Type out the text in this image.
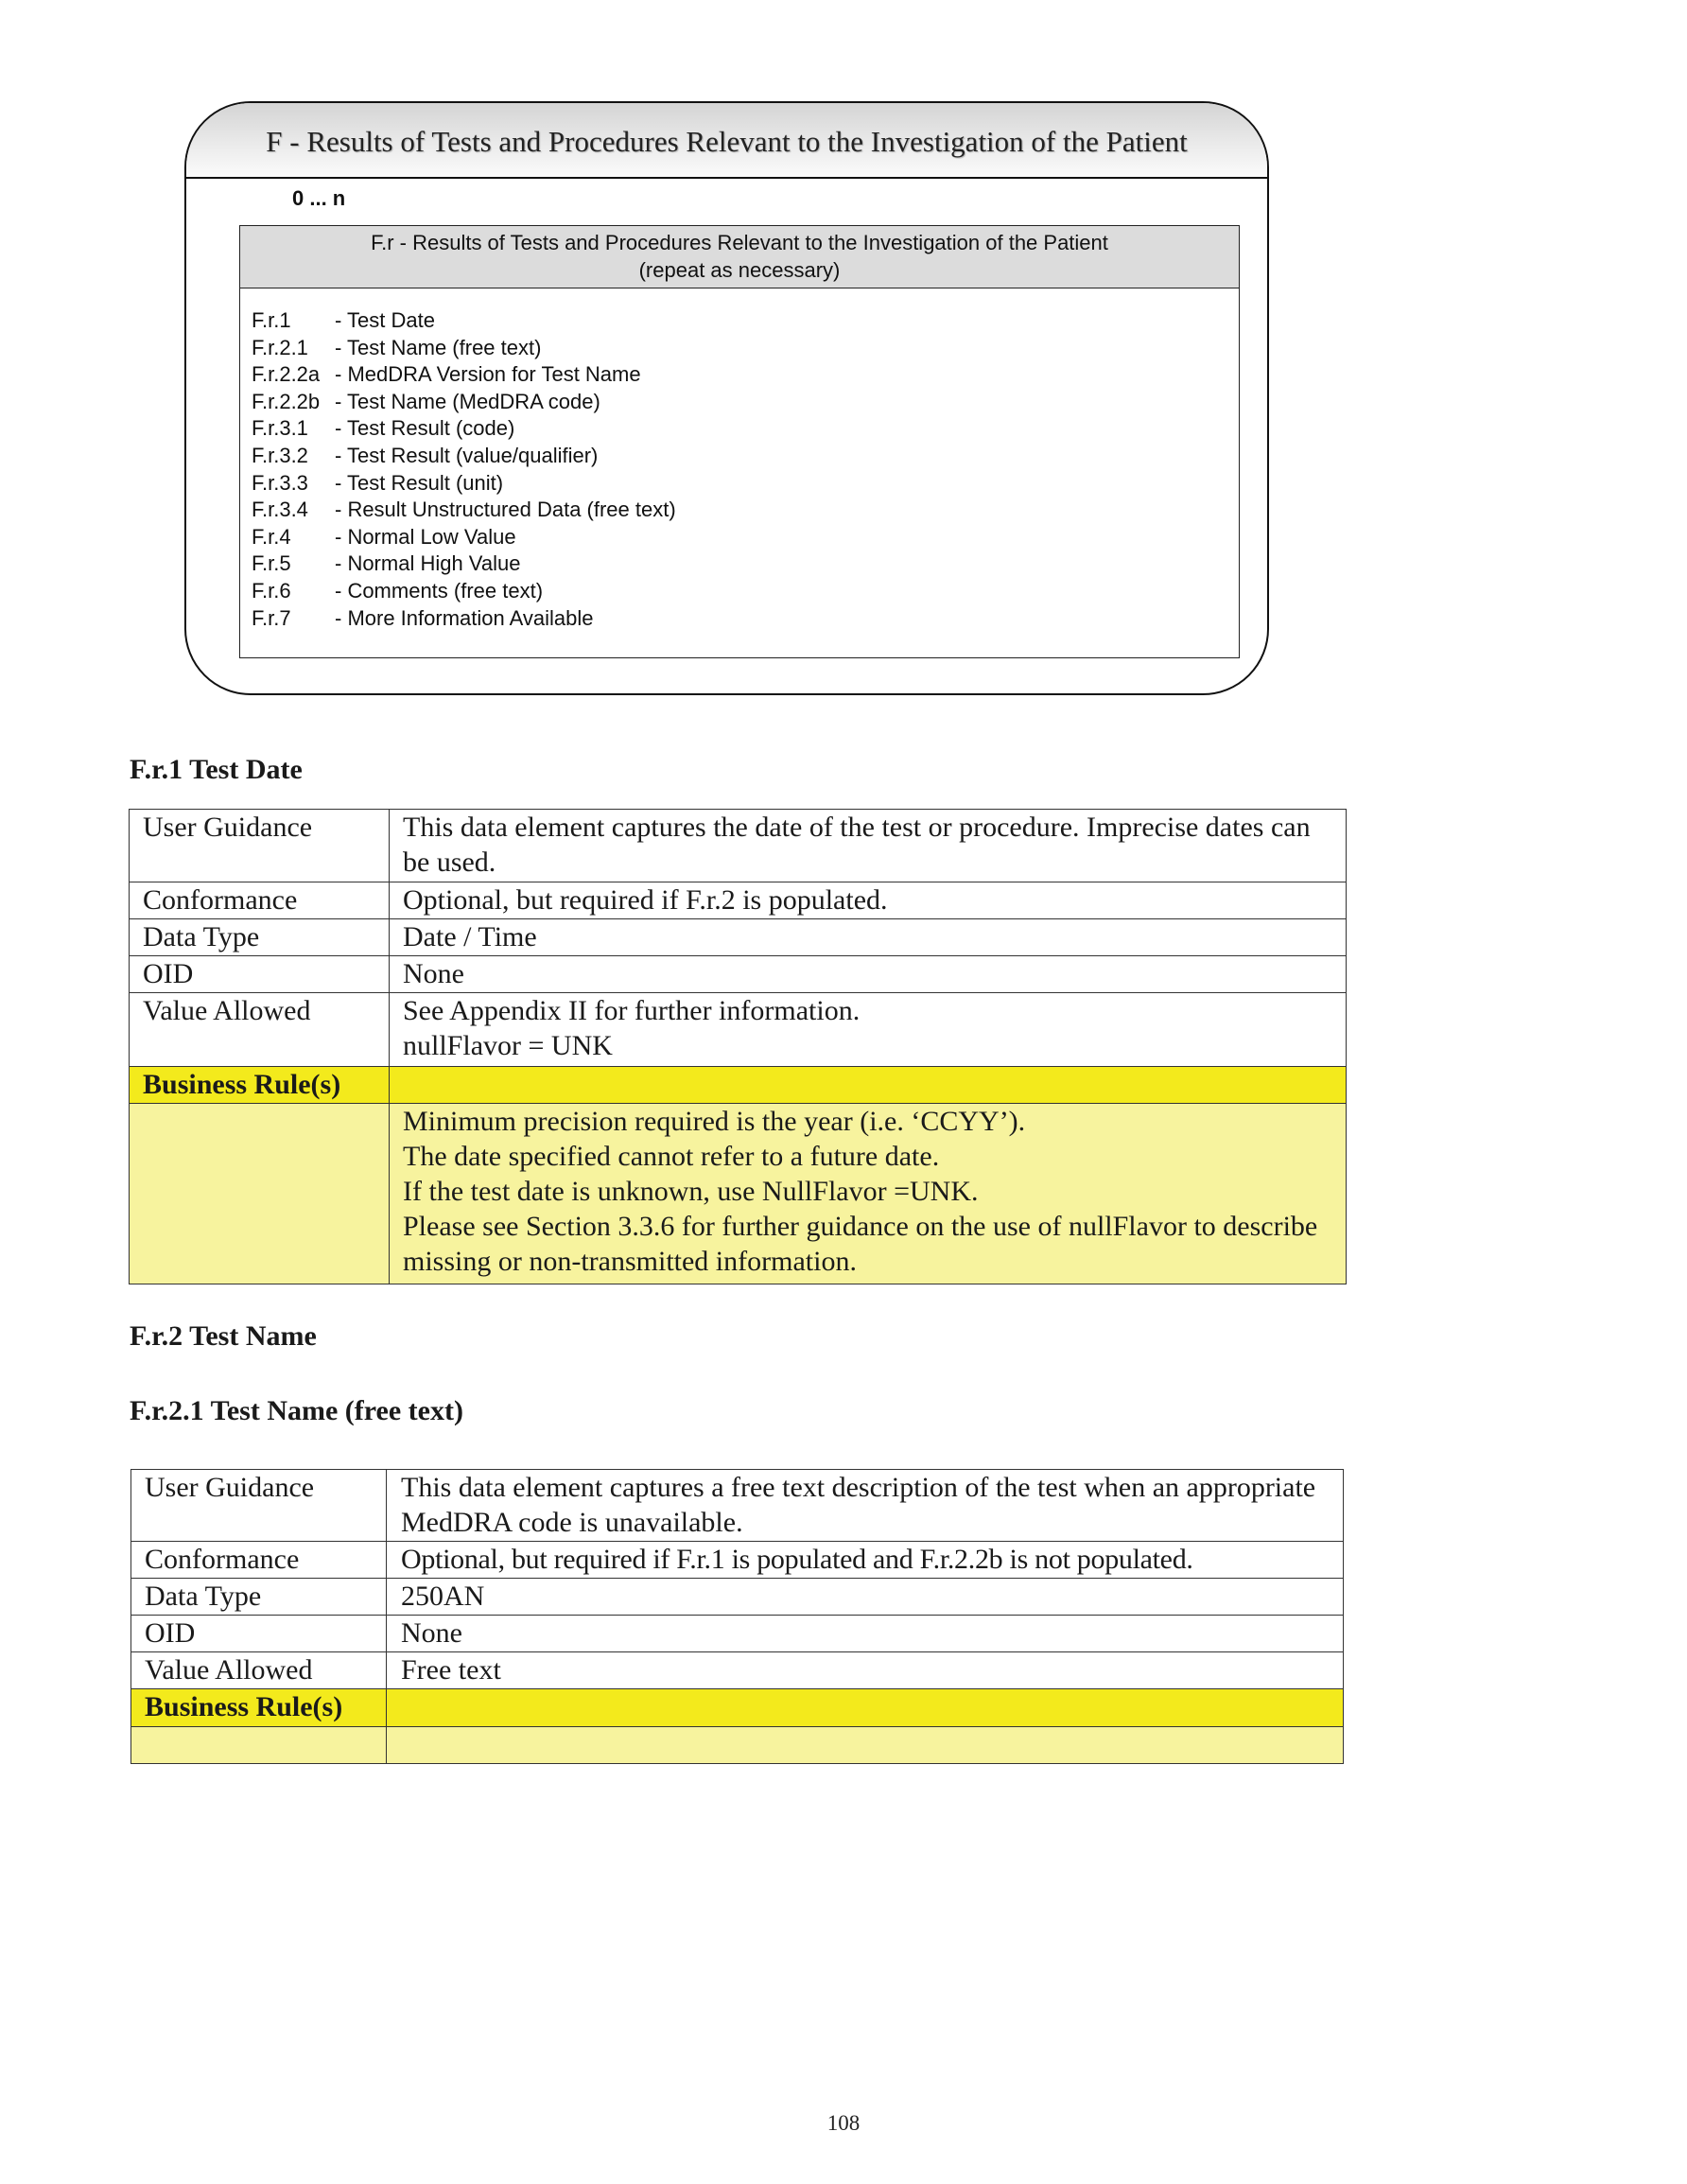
F - Results of Tests and Procedures Relevant to the Investigation of the Patient
0 ... n
F.r - Results of Tests and Procedures Relevant to the Investigation of the Patient
(repeat as necessary)
F.r.1	- Test Date
F.r.2.1	- Test Name (free text)
F.r.2.2a - MedDRA Version for Test Name
F.r.2.2b - Test Name (MedDRA code)
F.r.3.1	- Test Result (code)
F.r.3.2	- Test Result (value/qualifier)
F.r.3.3	- Test Result (unit)
F.r.3.4	- Result Unstructured Data (free text)
F.r.4	- Normal Low Value
F.r.5	- Normal High Value
F.r.6	- Comments (free text)
F.r.7	- More Information Available
F.r.1 Test Date
User Guidance	This data element captures the date of the test or procedure. Imprecise dates can be used.
Conformance	Optional, but required if F.r.2 is populated.
Data Type	Date / Time
OID	None
Value Allowed	See Appendix II for further information.
nullFlavor = UNK

Business Rule(s)	

	Minimum precision required is the year (i.e. ‘CCYY’).
The date specified cannot refer to a future date.
If the test date is unknown, use NullFlavor =UNK.
Please see Section 3.3.6 for further guidance on the use of nullFlavor to describe missing or non-transmitted information.
F.r.2 Test Name
F.r.2.1 Test Name (free text)
User Guidance	This data element captures a free text description of the test when an appropriate MedDRA code is unavailable.
Conformance	Optional, but required if F.r.1 is populated and F.r.2.2b is not populated.
Data Type	250AN
OID	None
Value Allowed	Free text
Business Rule(s)	

108
